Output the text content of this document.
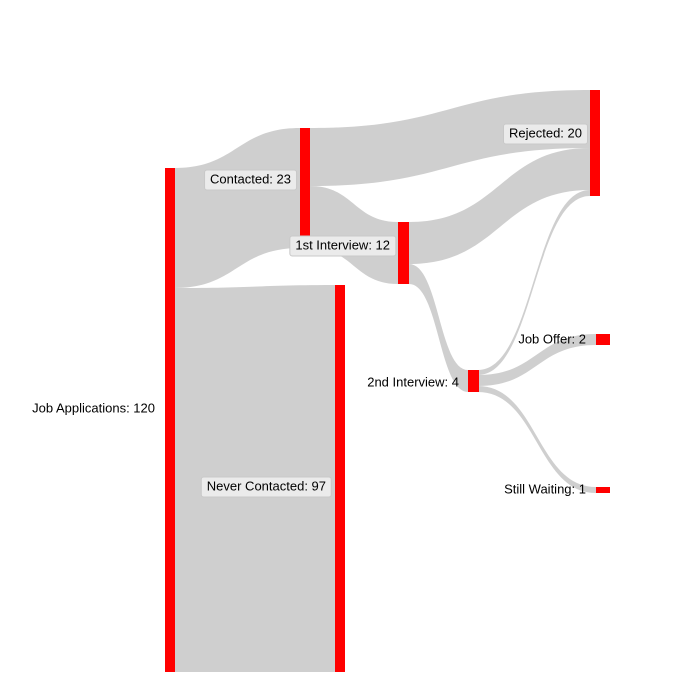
Job Applications: 120
Contacted: 23
Never Contacted: 97
1st Interview: 12
2nd Interview: 4
Rejected: 20
Job Offer: 2
Still Waiting: 1
